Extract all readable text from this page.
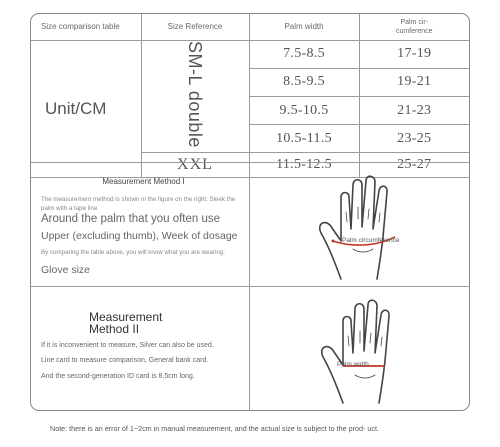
Size comparison table	Size Reference	Palm width	Palm cir- cumference
Unit/CM	SM-L double	7.5-8.5	17-19
		8.5-9.5	19-21
		9.5-10.5	21-23
		10.5-11.5	23-25
	XXL	11.5-12.5	25-27
Measurement Method I
The measurement method is shown in the figure on the right. Sleek the palm with a tape line
Around the palm that you often use
Upper (excluding thumb), Week of dosage
By comparing the table above, you will know what you are wearing.
Glove size
Palm circumference
Measurement Method II
If it is inconvenient to measure, Silver can also be used.
Line card to measure comparison, General bank card.
And the second-generation ID card is 8.5cm long.
Palm width
Note: there is an error of 1~2cm in manual measurement, and the actual size is subject to the prod- uct.
